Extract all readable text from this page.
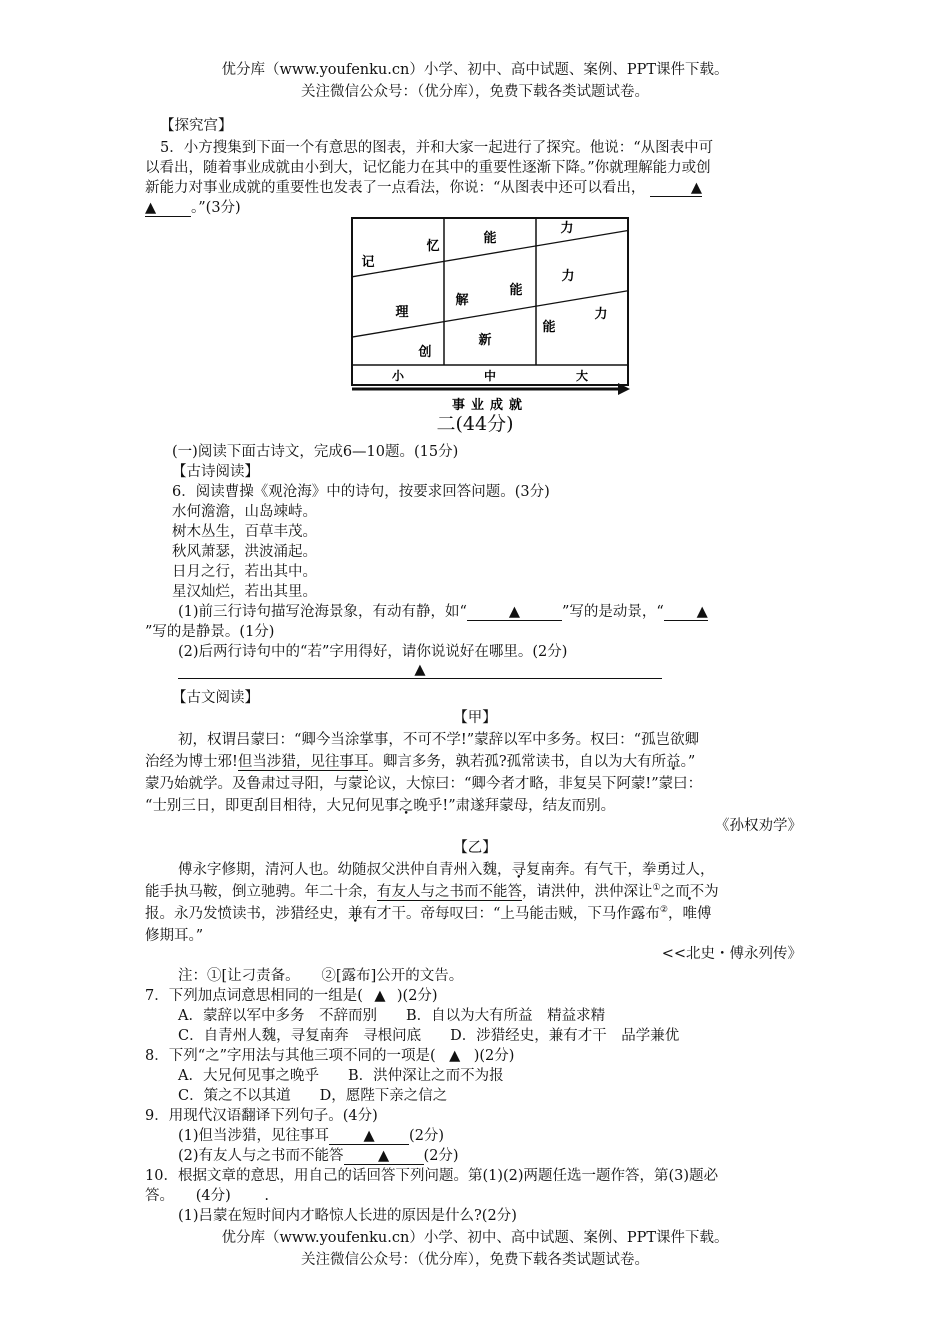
优分库（www.youfenku.cn）小学、初中、高中试题、案例、PPT课件下载。
关注微信公众号：（优分库），免费下载各类试题试卷。
【探究宫】
5．小方搜集到下面一个有意思的图表，并和大家一起进行了探究。他说：“从图表中可
以看出，随着事业成就由小到大，记忆能力在其中的重要性逐渐下降。”你就理解能力或创
新能力对事业成就的重要性也发表了一点看法，你说：“从图表中还可以看出，	▲
▲ 。”(3分)
记
忆
能
力
理
解
能
力
创
新
能
力
小	中	大
事业成就
二(44分)
(一)阅读下面古诗文，完成6—10题。(15分)
【古诗阅读】
6．阅读曹操《观沧海》中的诗句，按要求回答问题。(3分)
水何澹澹，山岛竦峙。
树木丛生，百草丰茂。
秋风萧瑟，洪波涌起。
日月之行，若出其中。
星汉灿烂，若出其里。
(1)前三行诗句描写沧海景象，有动有静，如“	▲	”写的是动景，“ ▲
”写的是静景。(1分)
(2)后两行诗句中的“若”字用得好，请你说说好在哪里。(2分)
▲
【古文阅读】
【甲】
初，权谓吕蒙曰：“卿今当涂掌事，不可不学!”蒙辞以军中多务。权曰：“孤岂欲卿
治经为博士邪!但当涉猎，见往事耳。卿言多务，孰若孤?孤常读书，自以为大有所益。”
蒙乃始就学。及鲁肃过寻阳，与蒙论议，大惊曰：“卿今者才略，非复吴下阿蒙!”蒙曰：
“士别三日，即更刮目相待，大兄何见事之晚乎!”肃遂拜蒙母，结友而别。
《孙权劝学》
【乙】
傅永字修期，清河人也。幼随叔父洪仲自青州入魏，寻复南奔。有气干，拳勇过人，
能手执马鞍，倒立驰骋。年二十余，有友人与之书而不能答，请洪仲，洪仲深让①之而不为
报。永乃发愤读书，涉猎经史，兼有才干。帝每叹曰：“上马能击贼，下马作露布②，唯傅
修期耳。”
<<北史・傅永列传》
注：①[让刁责备。　　②[露布]公开的文告。
7．下列加点词意思相同的一组是( ▲ )(2分)
A．蒙辞以军中多务　不辞而别　　B．自以为大有所益　精益求精
C．自青州人魏，寻复南奔　寻根问底　　D．涉猎经史，兼有才干　品学兼优
8．下列“之”字用法与其他三项不同的一项是( ▲ )(2分)
A．大兄何见事之晚乎　　B．洪仲深让之而不为报
C．策之不以其道　　D，愿陛下亲之信之
9．用现代汉语翻译下列句子。(4分)
(1)但当涉猎，见往事耳 ▲ (2分)
(2)有友人与之书而不能答 ▲ (2分)
10．根据文章的意思，用自己的话回答下列问题。第(1)(2)两题任选一题作答，第(3)题必
答。　　(4分)　　 .
(1)吕蒙在短时间内才略惊人长进的原因是什么?(2分)
优分库（www.youfenku.cn）小学、初中、高中试题、案例、PPT课件下载。
关注微信公众号：（优分库），免费下载各类试题试卷。
